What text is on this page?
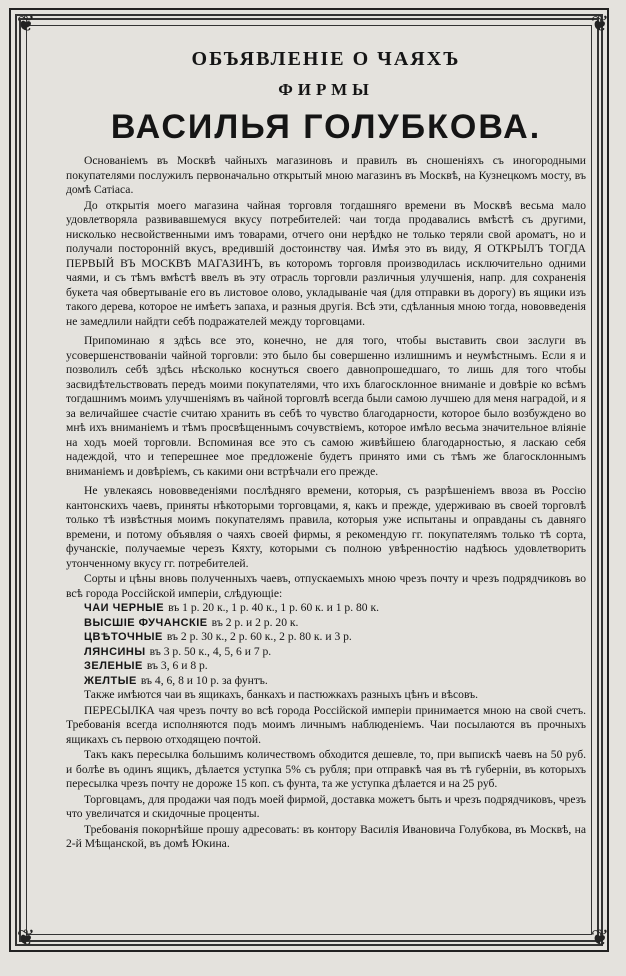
❦	❦
❦	❦
ОБЪЯВЛЕНІЕ О ЧАЯХЪ
ФИРМЫ
ВАСИЛЬЯ ГОЛУБКОВА.

Основаніемъ въ Москвѣ чайныхъ магазиновъ и правилъ въ сношеніяхъ съ иногородными покупателями послужилъ первоначально открытый мною магазинъ въ Москвѣ, на Кузнецкомъ мосту, въ домѣ Сатіаса.

До открытія моего магазина чайная торговля тогдашняго времени въ Москвѣ весьма мало удовлетворяла развивавшемуся вкусу потребителей: чаи тогда продавались вмѣстѣ съ другими, нисколько несвойственными имъ товарами, отчего они нерѣдко не только теряли свой ароматъ, но и получали посторонній вкусъ, вредившій достоинству чая. Имѣя это въ виду, Я ОТКРЫЛЪ ТОГДА ПЕРВЫЙ ВЪ МОСКВѢ МАГАЗИНЪ, въ которомъ торговля производилась исключительно одними чаями, и съ тѣмъ вмѣстѣ ввелъ въ эту отрасль торговли различныя улучшенія, напр. для сохраненія букета чая обвертываніе его въ листовое олово, укладываніе чая (для отправки въ дорогу) въ ящики изъ такого дерева, которое не имѣетъ запаха, и разныя другія. Всѣ эти, сдѣланныя мною тогда, нововведенія не замедлили найдти себѣ подражателей между торговцами.

Припоминаю я здѣсь все это, конечно, не для того, чтобы выставить свои заслуги въ усовершенствованіи чайной торговли: это было бы совершенно излишнимъ и неумѣстнымъ. Если я и позволилъ себѣ здѣсь нѣсколько коснуться своего давнопрошедшаго, то лишь для того чтобы засвидѣтельствовать передъ моими покупателями, что ихъ благосклонное вниманіе и довѣріе ко всѣмъ тогдашнимъ моимъ улучшеніямъ въ чайной торговлѣ всегда были самою лучшею для меня наградой, и я за величайшее счастіе считаю хранить въ себѣ то чувство благодарности, которое было возбуждено во мнѣ ихъ вниманіемъ и тѣмъ просвѣщеннымъ сочувствіемъ, которое имѣло весьма значительное вліяніе на ходъ моей торговли. Вспоминая все это съ самою живѣйшею благодарностью, я ласкаю себя надеждой, что и теперешнее мое предложеніе будетъ принято ими съ тѣмъ же благосклоннымъ вниманіемъ и довѣріемъ, съ какими они встрѣчали его прежде.

Не увлекаясь нововведеніями послѣдняго времени, которыя, съ разрѣшеніемъ ввоза въ Россію кантонскихъ чаевъ, приняты нѣкоторыми торговцами, я, какъ и прежде, удерживаю въ своей торговлѣ только тѣ извѣстныя моимъ покупателямъ правила, которыя уже испытаны и оправданы съ давняго времени, и потому объявляя о чаяхъ своей фирмы, я рекомендую гг. покупателямъ только тѣ сорта, фучанскіе, получаемые черезъ Кяхту, которыми съ полною увѣренностію надѣюсь удовлетворить утонченному вкусу гг. потребителей.

Сорты и цѣны вновь полученныхъ чаевъ, отпускаемыхъ мною чрезъ почту и чрезъ подрядчиковъ во всѣ города Россійской имперіи, слѣдующіе:

ЧАИ ЧЕРНЫЕ въ 1 р. 20 к., 1 р. 40 к., 1 р. 60 к. и 1 р. 80 к.
ВЫСШІЕ ФУЧАНСКІЕ въ 2 р. и 2 р. 20 к.
ЦВѢТОЧНЫЕ въ 2 р. 30 к., 2 р. 60 к., 2 р. 80 к. и 3 р.
ЛЯНСИНЫ въ 3 р. 50 к., 4, 5, 6 и 7 р.
ЗЕЛЕНЫЕ въ 3, 6 и 8 р.
ЖЕЛТЫЕ въ 4, 6, 8 и 10 р. за фунтъ.

Также имѣются чаи въ ящикахъ, банкахъ и пастюжкахъ разныхъ цѣнъ и вѣсовъ.

ПЕРЕСЫЛКА чая чрезъ почту во всѣ города Россійской имперіи принимается мною на свой счетъ. Требованія всегда исполняются подъ моимъ личнымъ наблюденіемъ. Чаи посылаются въ прочныхъ ящикахъ съ первою отходящею почтой.

Такъ какъ пересылка большимъ количествомъ обходится дешевле, то, при выпискѣ чаевъ на 50 руб. и болѣе въ одинъ ящикъ, дѣлается уступка 5% съ рубля; при отправкѣ чая въ тѣ губерніи, въ которыхъ пересылка чрезъ почту не дороже 15 коп. съ фунта, та же уступка дѣлается и на 25 руб.

Торговцамъ, для продажи чая подъ моей фирмой, доставка можетъ быть и чрезъ подрядчиковъ, чрезъ что увеличатся и скидочные проценты.

Требованія покорнѣйше прошу адресовать: въ контору Василія Ивановича Голубкова, въ Москвѣ, на 2-й Мѣщанской, въ домѣ Юкина.
